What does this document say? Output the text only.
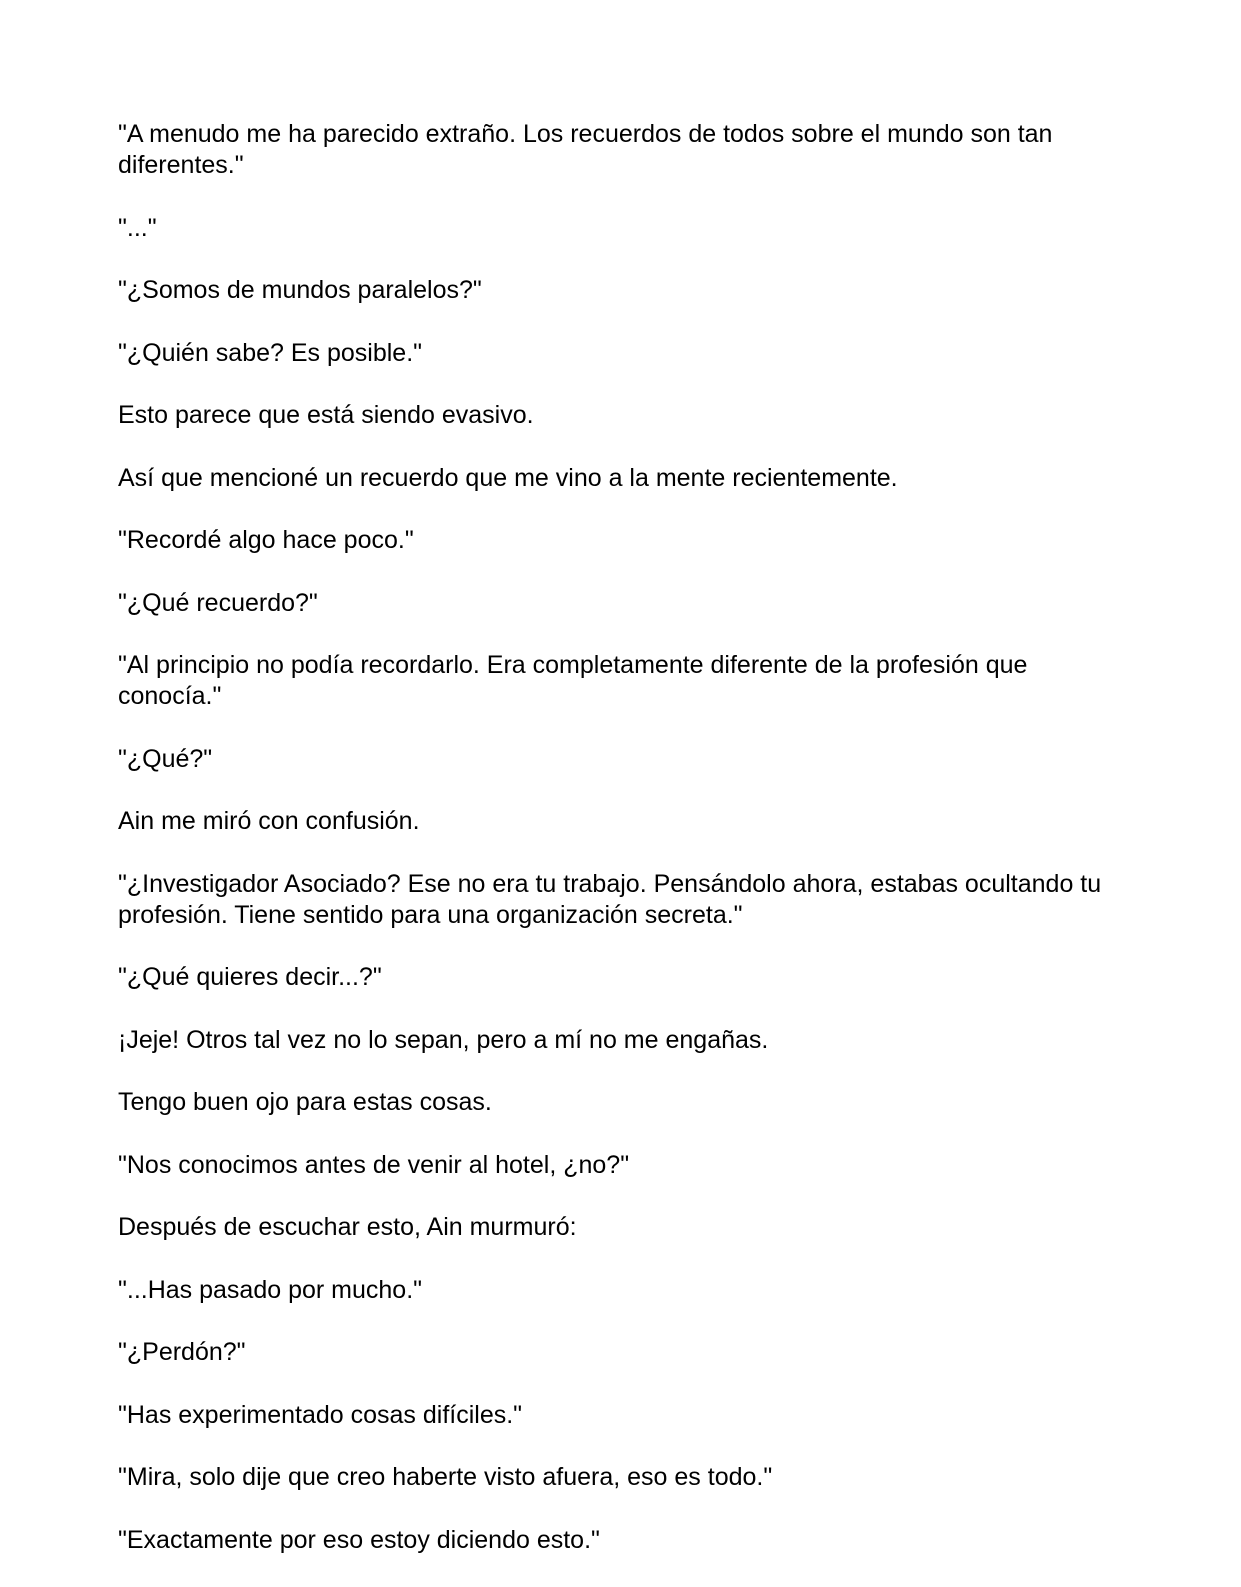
"A menudo me ha parecido extraño. Los recuerdos de todos sobre el mundo son tan diferentes."

"..."

"¿Somos de mundos paralelos?"

"¿Quién sabe? Es posible."

Esto parece que está siendo evasivo.

Así que mencioné un recuerdo que me vino a la mente recientemente.

"Recordé algo hace poco."

"¿Qué recuerdo?"

"Al principio no podía recordarlo. Era completamente diferente de la profesión que conocía."

"¿Qué?"

Ain me miró con confusión.

"¿Investigador Asociado? Ese no era tu trabajo. Pensándolo ahora, estabas ocultando tu profesión. Tiene sentido para una organización secreta."

"¿Qué quieres decir...?"

¡Jeje! Otros tal vez no lo sepan, pero a mí no me engañas.

Tengo buen ojo para estas cosas.

"Nos conocimos antes de venir al hotel, ¿no?"

Después de escuchar esto, Ain murmuró:

"...Has pasado por mucho."

"¿Perdón?"

"Has experimentado cosas difíciles."

"Mira, solo dije que creo haberte visto afuera, eso es todo."

"Exactamente por eso estoy diciendo esto."
